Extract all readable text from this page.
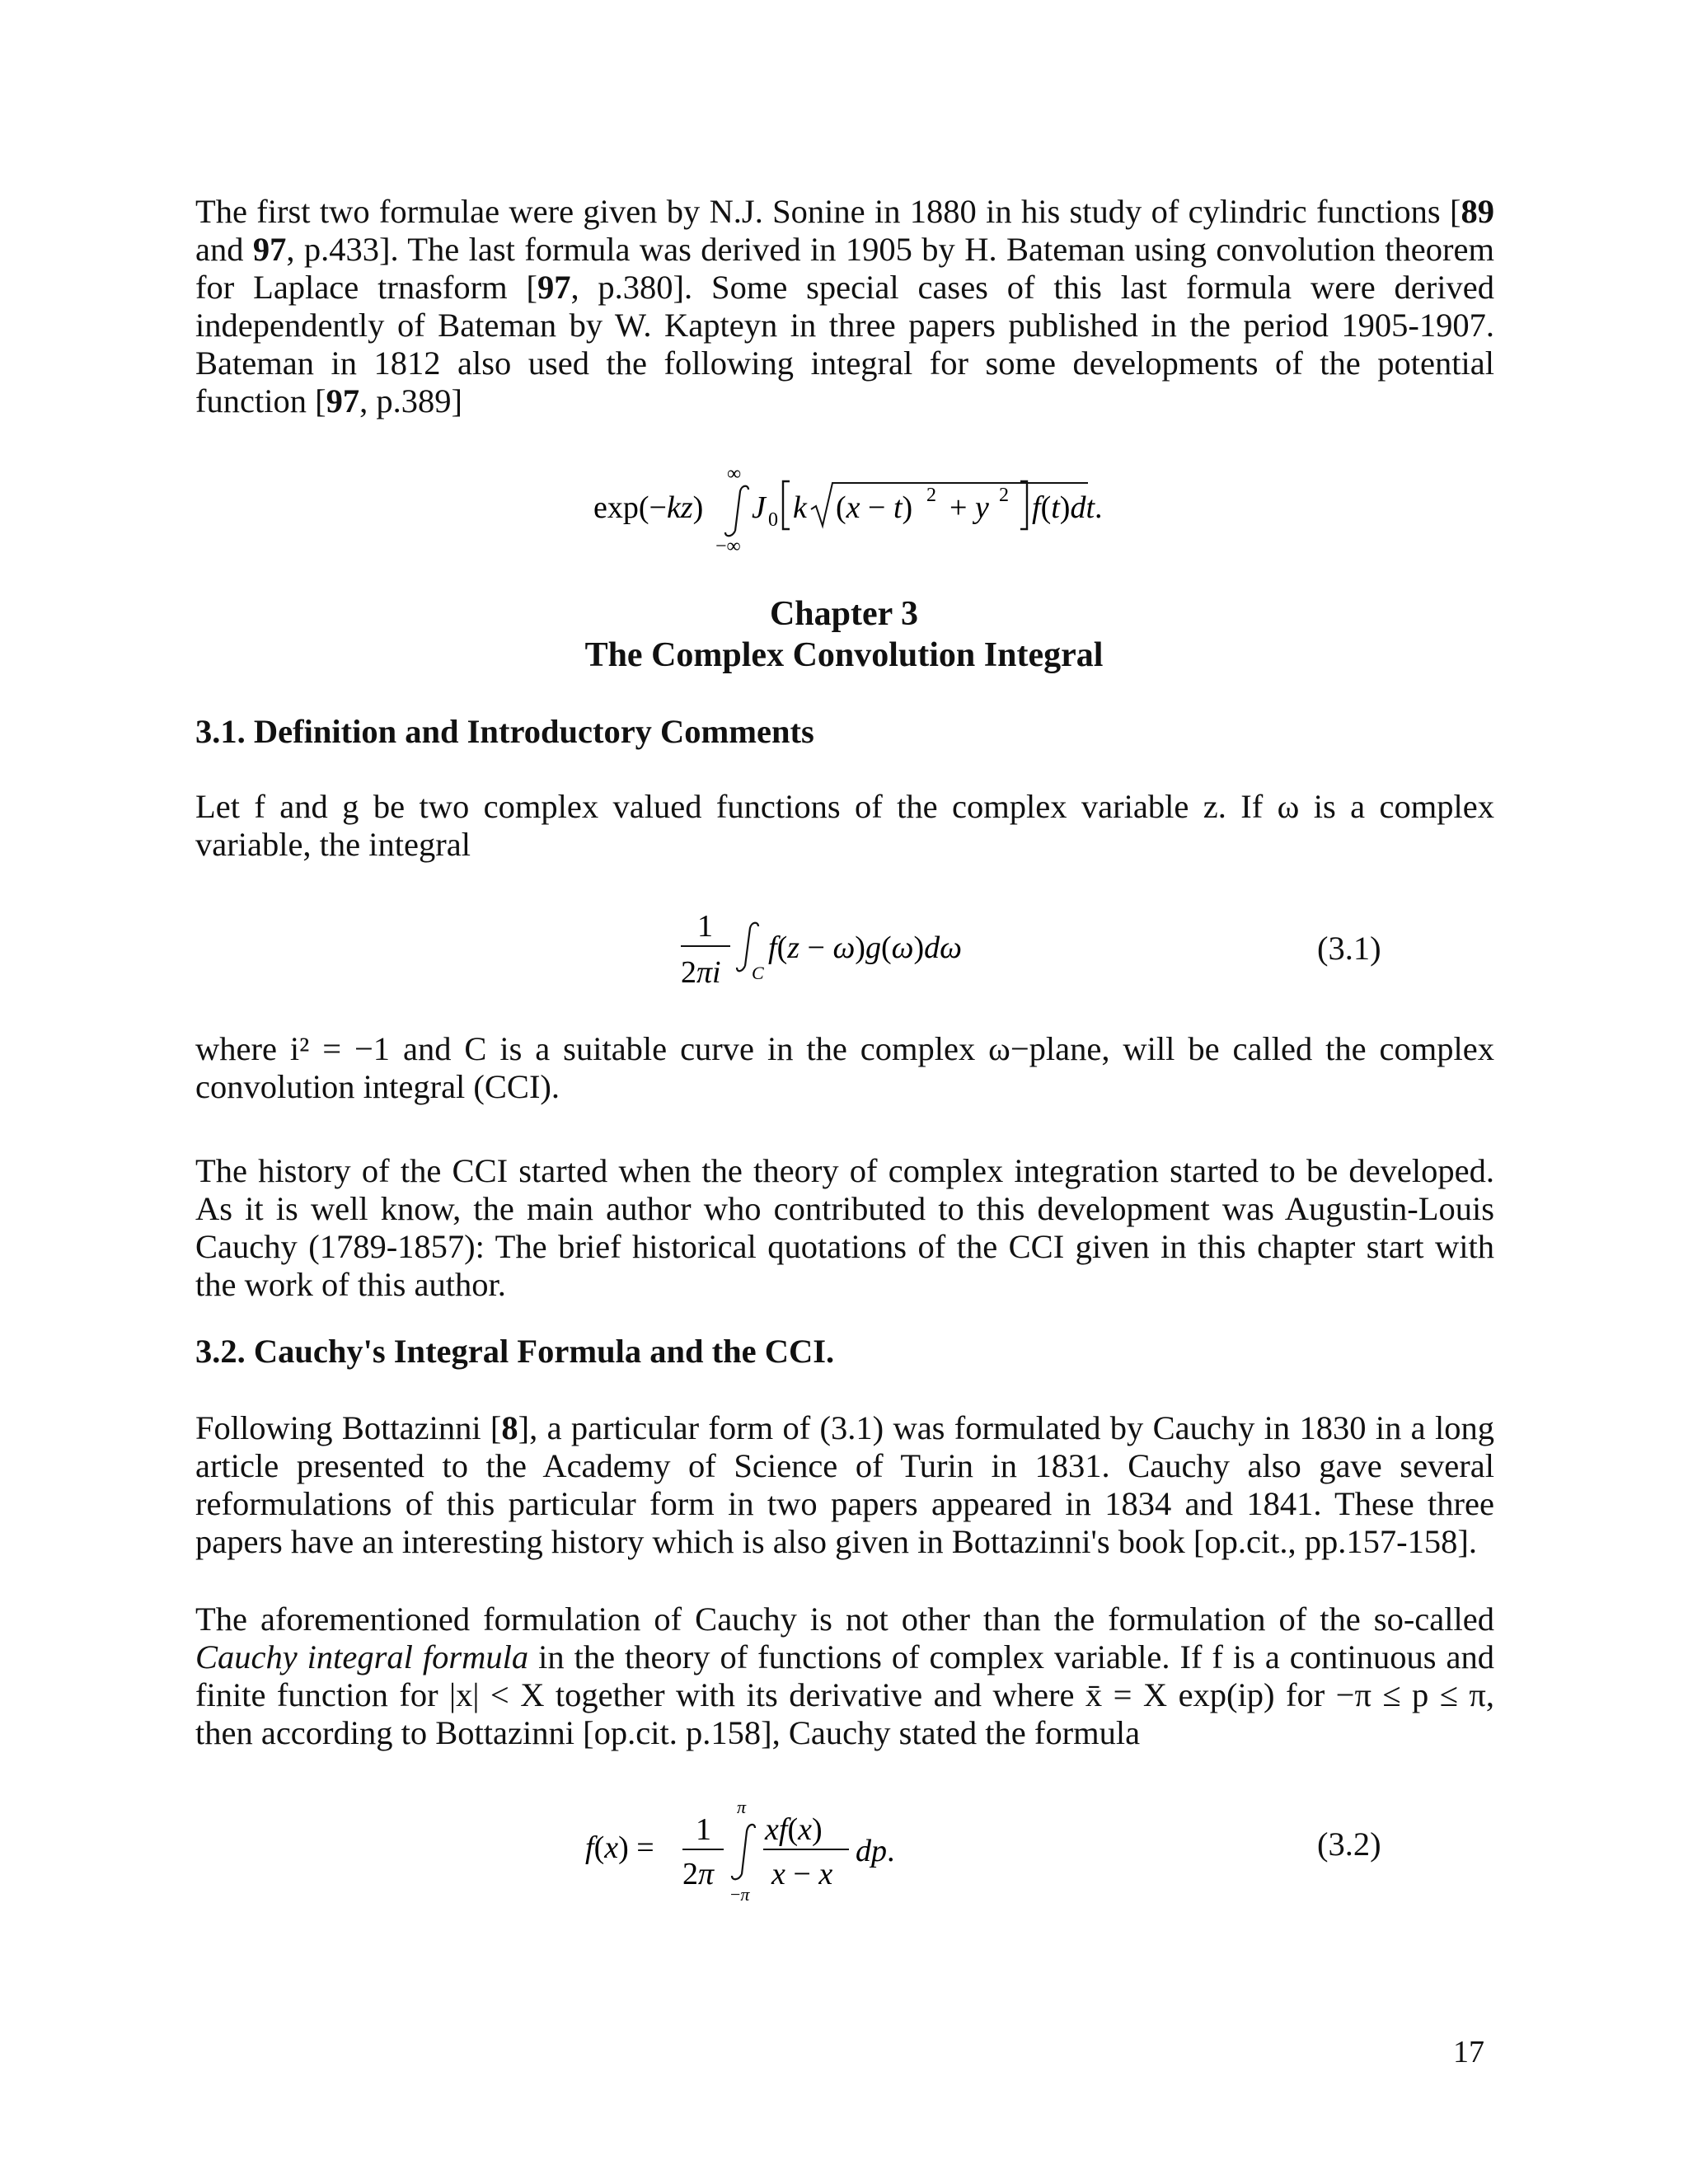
The first two formulae were given by N.J. Sonine in 1880 in his study of cylindric functions [89 and 97, p.433]. The last formula was derived in 1905 by H. Bateman using convolution theorem for Laplace trnasform [97, p.380]. Some special cases of this last formula were derived independently of Bateman by W. Kapteyn in three papers published in the period 1905-1907. Bateman in 1812 also used the following integral for some developments of the potential function [97, p.389]

exp(−kz)
∞
−∞
J 0 k (x − t) 2 + y 2 f(t)dt.

Chapter 3

The Complex Convolution Integral

3.1. Definition and Introductory Comments

Let f and g be two complex valued functions of the complex variable z. If ω is a complex variable, the integral

1
2πi C
f(z − ω)g(ω)dω	(3.1)

where i² = −1 and C is a suitable curve in the complex ω−plane, will be called the complex convolution integral (CCI).

The history of the CCI started when the theory of complex integration started to be developed. As it is well know, the main author who contributed to this development was Augustin-Louis Cauchy (1789-1857): The brief historical quotations of the CCI given in this chapter start with the work of this author.

3.2. Cauchy's Integral Formula and the CCI.

Following Bottazinni [8], a particular form of (3.1) was formulated by Cauchy in 1830 in a long article presented to the Academy of Science of Turin in 1831. Cauchy also gave several reformulations of this particular form in two papers appeared in 1834 and 1841. These three papers have an interesting history which is also given in Bottazinni's book [op.cit., pp.157-158].

The aforementioned formulation of Cauchy is not other than the formulation of the so-called Cauchy integral formula in the theory of functions of complex variable. If f is a continuous and finite function for |x| < X together with its derivative and where x̄ = X exp(ip) for −π ≤ p ≤ π, then according to Bottazinni [op.cit. p.158], Cauchy stated the formula

f(x) =
1
2π
π
−π
xf(x)
x − x
dp.	(3.2)
17
